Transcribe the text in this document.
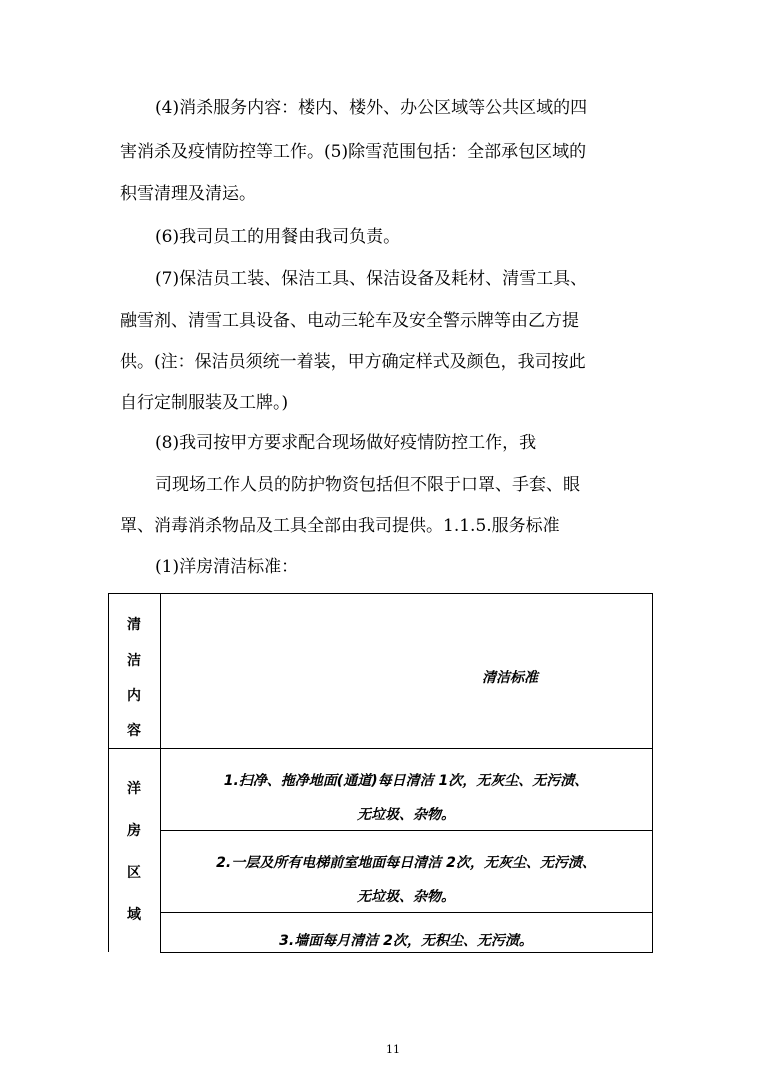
(4)消杀服务内容：楼内、楼外、办公区域等公共区域的四
害消杀及疫情防控等工作。(5)除雪范围包括：全部承包区域的
积雪清理及清运。
(6)我司员工的用餐由我司负责。
(7)保洁员工装、保洁工具、保洁设备及耗材、清雪工具、
融雪剂、清雪工具设备、电动三轮车及安全警示牌等由乙方提
供。(注：保洁员须统一着装，甲方确定样式及颜色，我司按此
自行定制服装及工牌。)
(8)我司按甲方要求配合现场做好疫情防控工作，我
司现场工作人员的防护物资包括但不限于口罩、手套、眼
罩、消毒消杀物品及工具全部由我司提供。1.1.5.服务标准
(1)洋房清洁标准：
清
洁
内
容
清洁标准
洋
房
区
域
1.扫净、拖净地面(通道)每日清洁 1次，无灰尘、无污渍、
无垃圾、杂物。
2.一层及所有电梯前室地面每日清洁 2次，无灰尘、无污渍、
无垃圾、杂物。
3.墙面每月清洁 2次，无积尘、无污渍。
11
